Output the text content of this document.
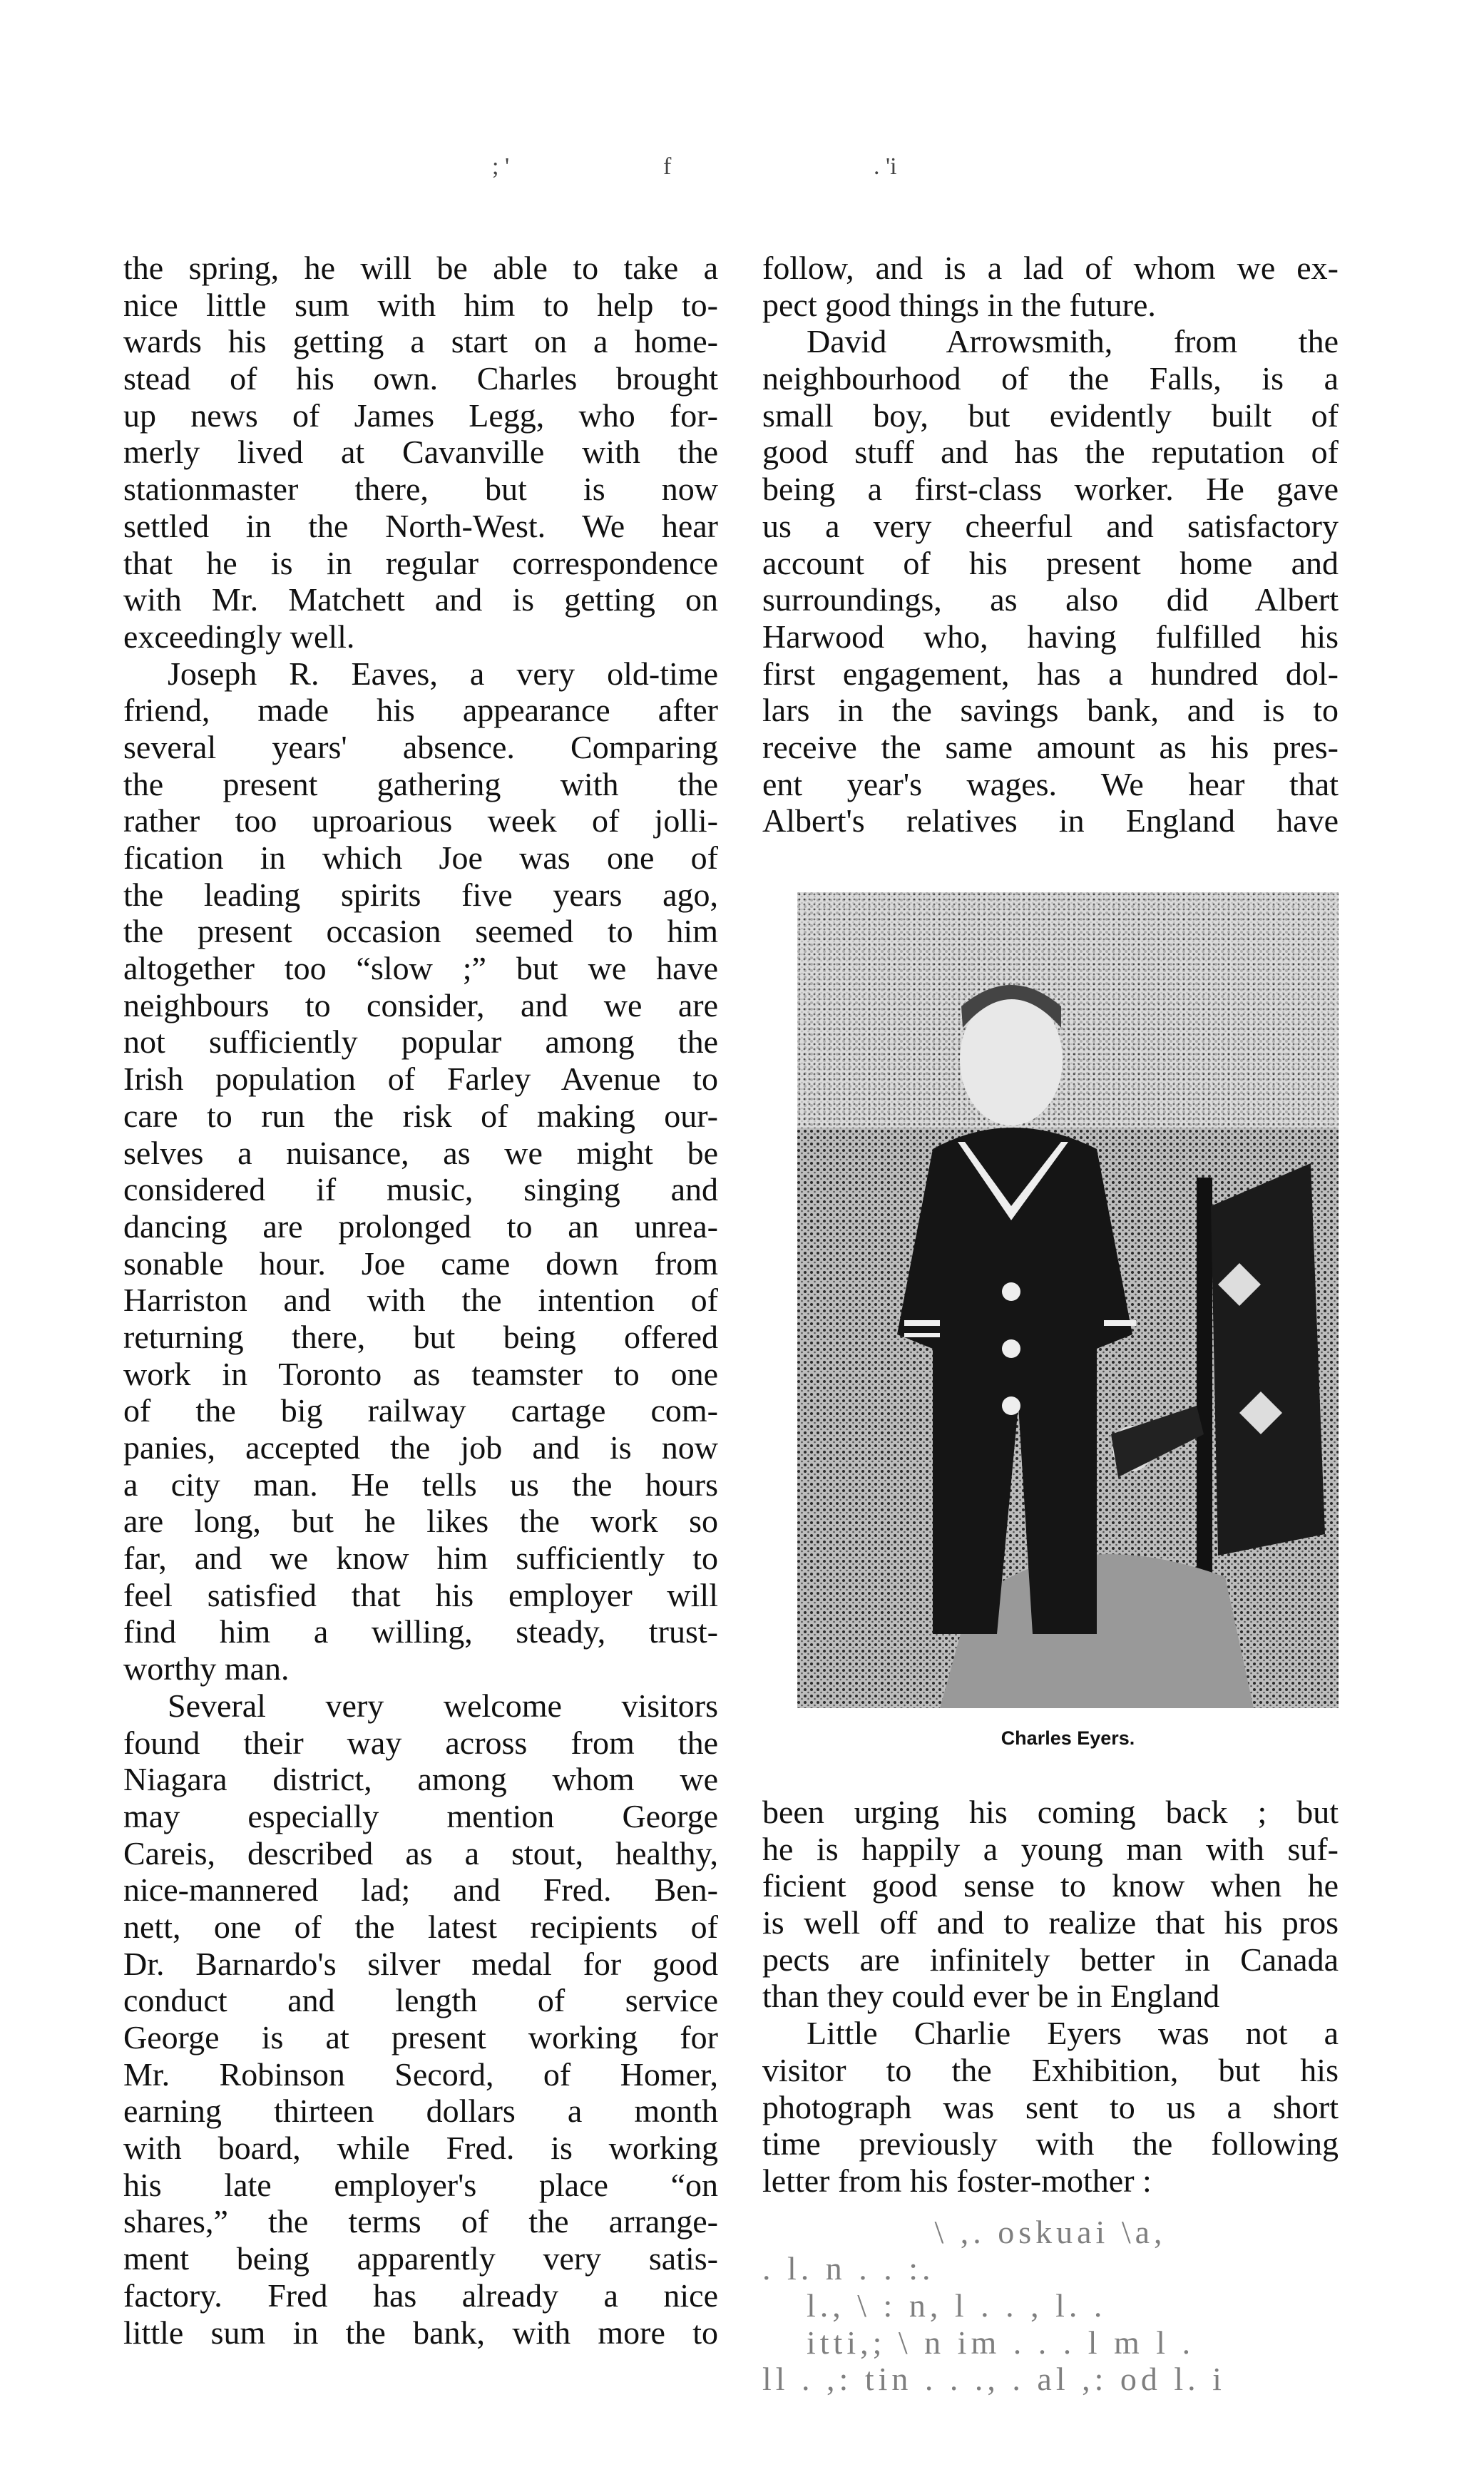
; '	f	. 'i
the spring, he will be able to take a
nice little sum with him to help to-
wards his getting a start on a home-
stead of his own. Charles brought
up news of James Legg, who for-
merly lived at Cavanville with the
stationmaster there, but is now
settled in the North-West. We hear
that he is in regular correspondence
with Mr. Matchett and is getting on
exceedingly well.
Joseph R. Eaves, a very old-time
friend, made his appearance after
several years' absence. Comparing
the present gathering with the
rather too uproarious week of jolli-
fication in which Joe was one of
the leading spirits five years ago,
the present occasion seemed to him
altogether too “slow ;” but we have
neighbours to consider, and we are
not sufficiently popular among the
Irish population of Farley Avenue to
care to run the risk of making our-
selves a nuisance, as we might be
considered if music, singing and
dancing are prolonged to an unrea-
sonable hour. Joe came down from
Harriston and with the intention of
returning there, but being offered
work in Toronto as teamster to one
of the big railway cartage com-
panies, accepted the job and is now
a city man. He tells us the hours
are long, but he likes the work so
far, and we know him sufficiently to
feel satisfied that his employer will
find him a willing, steady, trust-
worthy man.
Several very welcome visitors
found their way across from the
Niagara district, among whom we
may especially mention George
Careis, described as a stout, healthy,
nice-mannered lad; and Fred. Ben-
nett, one of the latest recipients of
Dr. Barnardo's silver medal for good
conduct and length of service
George is at present working for
Mr. Robinson Secord, of Homer,
earning thirteen dollars a month
with board, while Fred. is working
his late employer's place “on
shares,” the terms of the arrange-
ment being apparently very satis-
factory. Fred has already a nice
little sum in the bank, with more to
follow, and is a lad of whom we ex-
pect good things in the future.
David Arrowsmith, from the
neighbourhood of the Falls, is a
small boy, but evidently built of
good stuff and has the reputation of
being a first-class worker. He gave
us a very cheerful and satisfactory
account of his present home and
surroundings, as also did Albert
Harwood who, having fulfilled his
first engagement, has a hundred dol-
lars in the savings bank, and is to
receive the same amount as his pres-
ent year's wages. We hear that
Albert's relatives in England have
Charles Eyers.
been urging his coming back ; but
he is happily a young man with suf-
ficient good sense to know when he
is well off and to realize that his pros
pects are infinitely better in Canada
than they could ever be in England
Little Charlie Eyers was not a
visitor to the Exhibition, but his
photograph was sent to us a short
time previously with the following
letter from his foster-mother :
\ ,. oskuai \a,
. l. n . . :.
l., \ : n, l . . , l. .
itti,; \ n im . . . l m l .
ll . ,: tin . . ., . al ,: od l. i
